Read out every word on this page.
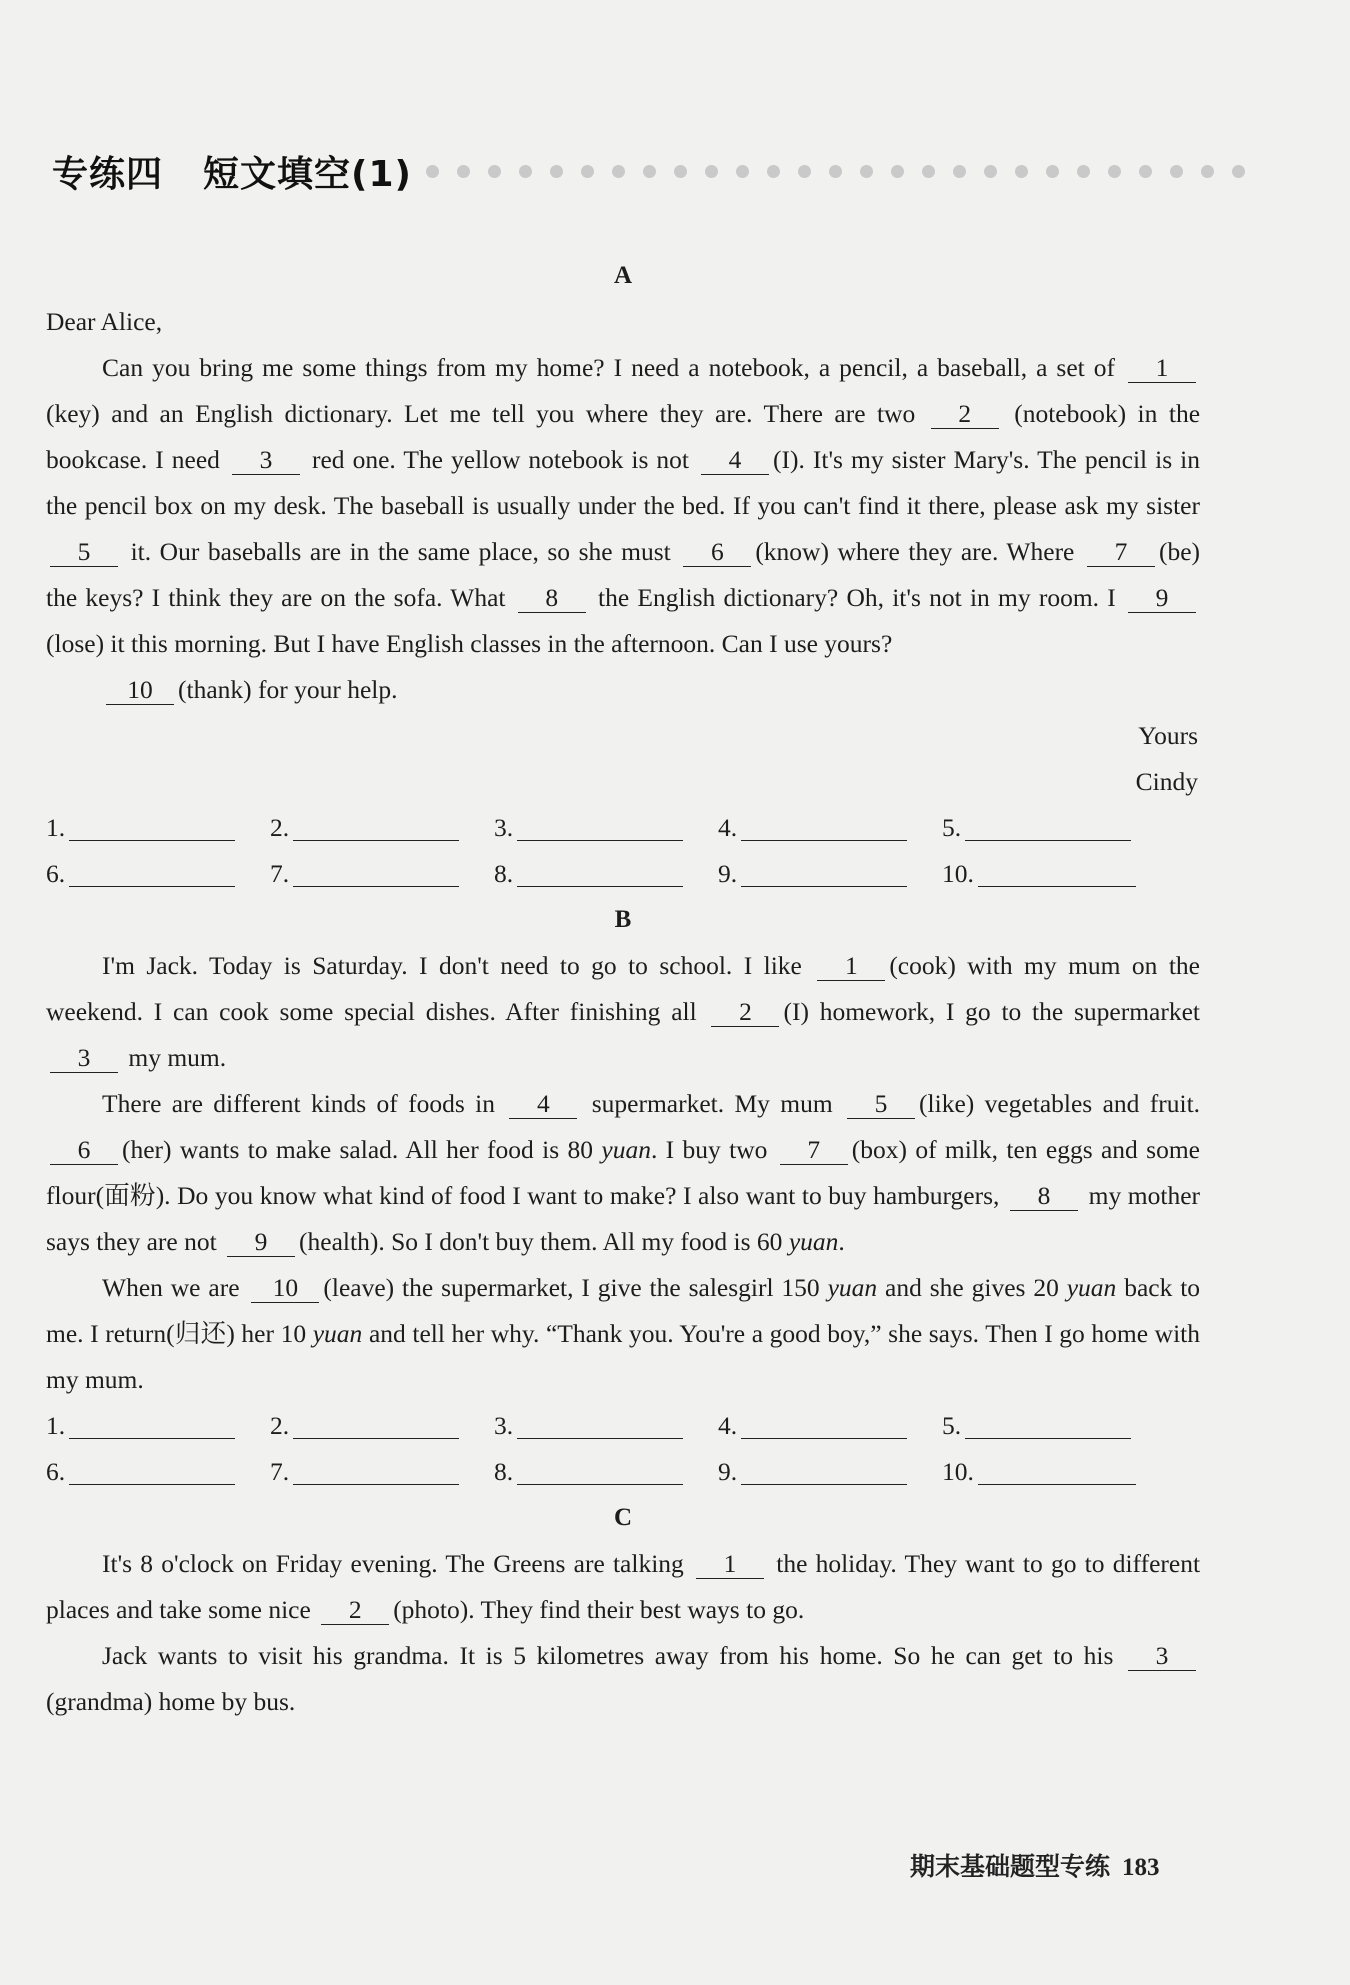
专练四 短文填空(1)
A

Dear Alice,

Can you bring me some things from my home? I need a notebook, a pencil, a baseball, a set of 1 (key) and an English dictionary. Let me tell you where they are. There are two 2 (notebook) in the bookcase. I need 3 red one. The yellow notebook is not 4 (I). It's my sister Mary's. The pencil is in the pencil box on my desk. The baseball is usually under the bed. If you can't find it there, please ask my sister 5 it. Our baseballs are in the same place, so she must 6 (know) where they are. Where 7 (be) the keys? I think they are on the sofa. What 8 the English dictionary? Oh, it's not in my room. I 9(lose) it this morning. But I have English classes in the afternoon. Can I use yours?

10 (thank) for your help.

Yours

Cindy

1.	2.	3.	4.	5.
6.	7.	8.	9.	10.
B

I'm Jack. Today is Saturday. I don't need to go to school. I like 1 (cook) with my mum on the weekend. I can cook some special dishes. After finishing all 2 (I) homework, I go to the supermarket 3 my mum.

There are different kinds of foods in 4 supermarket. My mum 5 (like) vegetables and fruit. 6 (her) wants to make salad. All her food is 80 yuan. I buy two 7 (box) of milk, ten eggs and some flour(面粉). Do you know what kind of food I want to make? I also want to buy hamburgers, 8 my mother says they are not 9 (health). So I don't buy them. All my food is 60 yuan.

When we are 10 (leave) the supermarket, I give the salesgirl 150 yuan and she gives 20 yuan back to me. I return(归还) her 10 yuan and tell her why. “Thank you. You're a good boy,” she says. Then I go home with my mum.

1.	2.	3.	4.	5.
6.	7.	8.	9.	10.
C

It's 8 o'clock on Friday evening. The Greens are talking 1 the holiday. They want to go to different places and take some nice 2 (photo). They find their best ways to go.

Jack wants to visit his grandma. It is 5 kilometres away from his home. So he can get to his 3(grandma) home by bus.

期末基础题型专练 183
